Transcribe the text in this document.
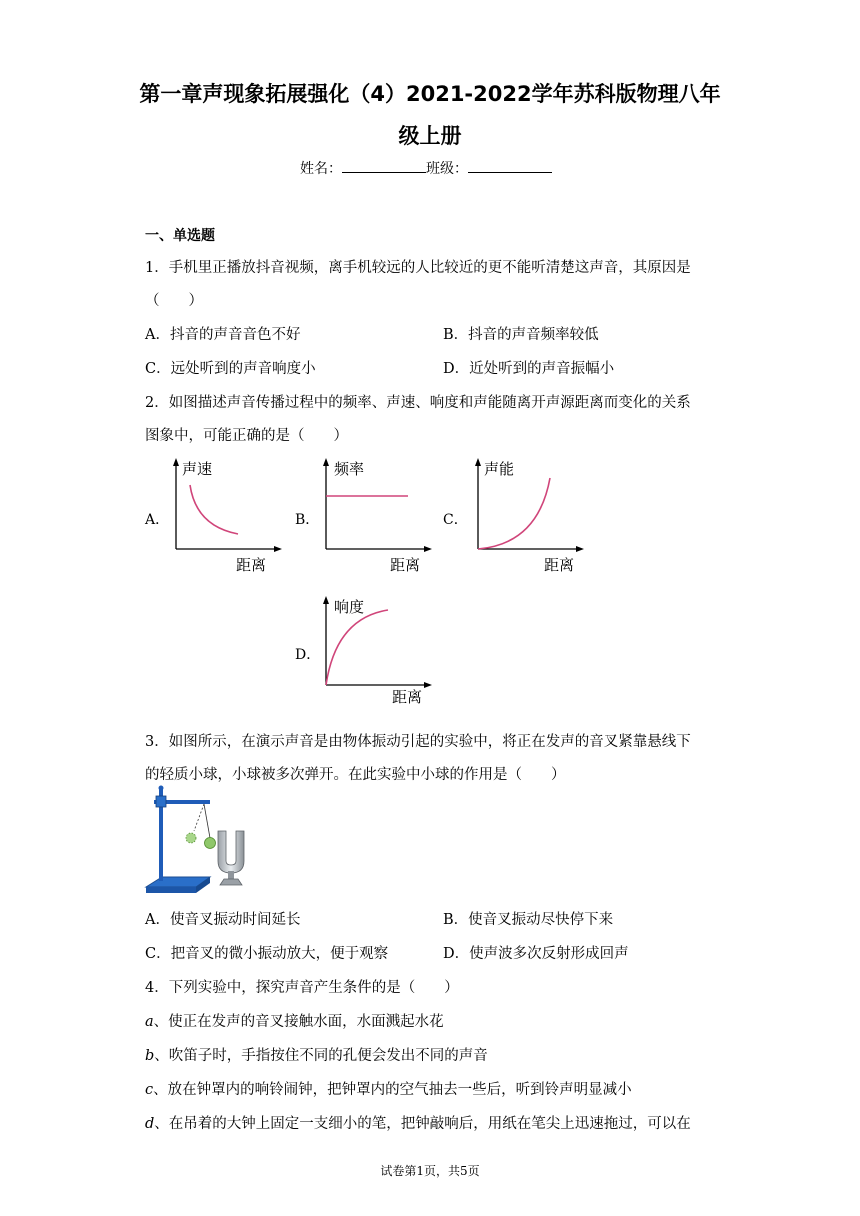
第一章声现象拓展强化（4）2021-2022学年苏科版物理八年
级上册
姓名：	班级：
一、单选题
1．手机里正播放抖音视频，离手机较远的人比较近的更不能听清楚这声音，其原因是
（　　）
A．抖音的声音音色不好	B．抖音的声音频率较低
C．远处听到的声音响度小	D．近处听到的声音振幅小
2．如图描述声音传播过程中的频率、声速、响度和声能随离开声源距离而变化的关系
图象中，可能正确的是（　　）
A．	B．	C．
D．
声速
距离
频率
距离
声能
距离
响度
距离
3．如图所示，在演示声音是由物体振动引起的实验中，将正在发声的音叉紧靠悬线下
的轻质小球，小球被多次弹开。在此实验中小球的作用是（　　）
A．使音叉振动时间延长	B．使音叉振动尽快停下来
C．把音叉的微小振动放大，便于观察	D．使声波多次反射形成回声
4．下列实验中，探究声音产生条件的是（　　）
a、使正在发声的音叉接触水面，水面溅起水花
b、吹笛子时，手指按住不同的孔便会发出不同的声音
c、放在钟罩内的响铃闹钟，把钟罩内的空气抽去一些后，听到铃声明显减小
d、在吊着的大钟上固定一支细小的笔，把钟敲响后，用纸在笔尖上迅速拖过，可以在
试卷第1页，共5页
